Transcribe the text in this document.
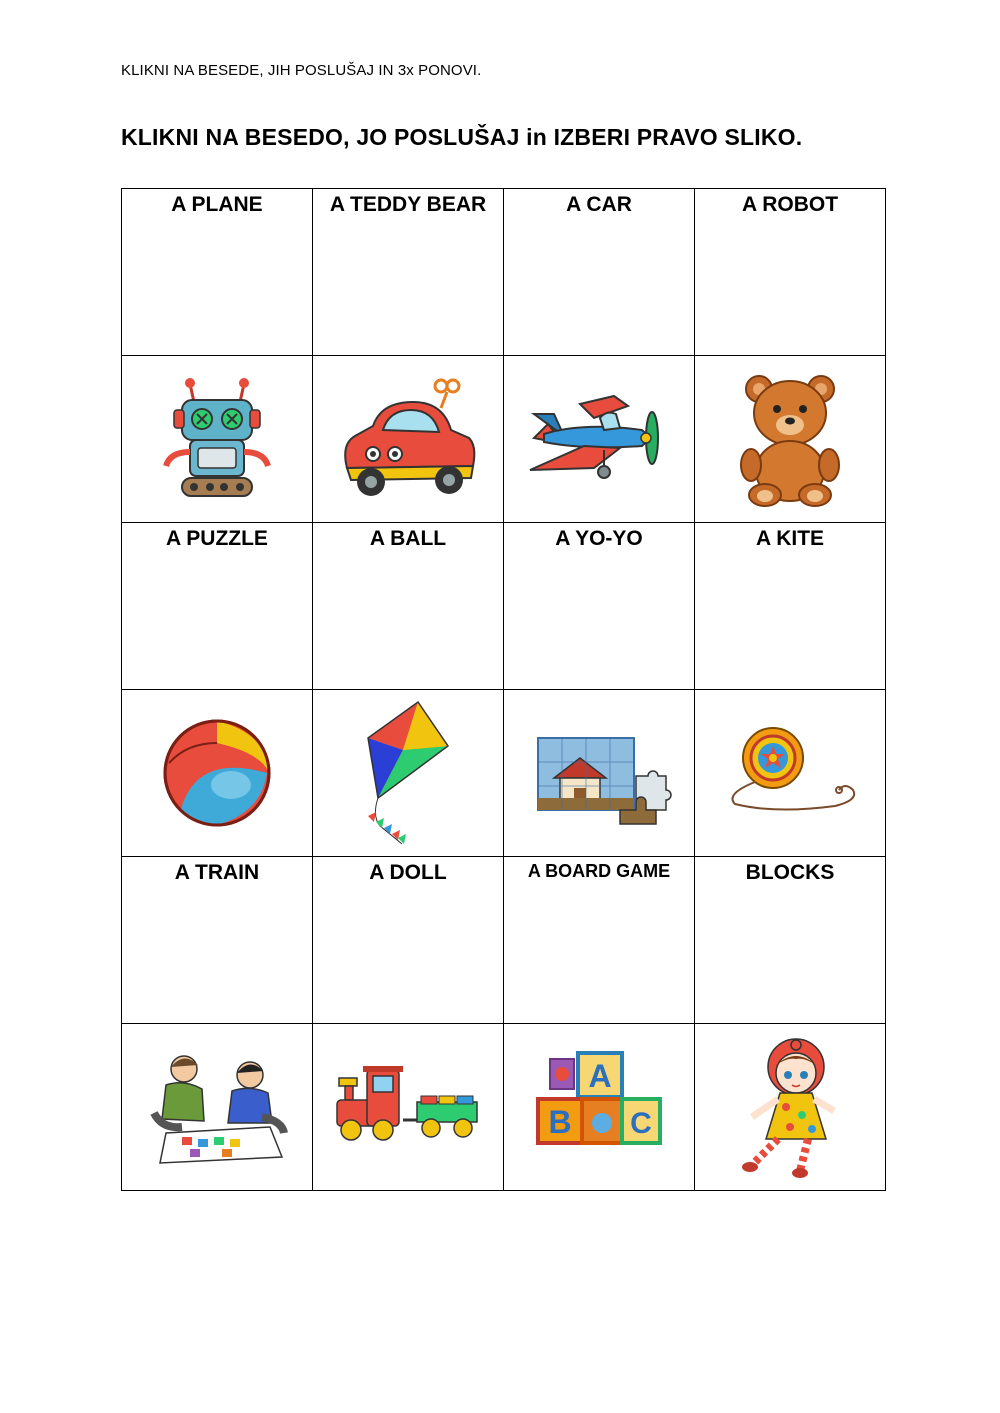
KLIKNI NA BESEDE, JIH POSLUŠAJ IN 3x PONOVI.
KLIKNI NA BESEDO, JO POSLUŠAJ in IZBERI PRAVO SLIKO.
A PLANE	A TEDDY BEAR	A CAR	A ROBOT

A PUZZLE	A BALL	A YO-YO	A KITE

A TRAIN	A DOLL	A BOARD GAME	BLOCKS

A
B C
